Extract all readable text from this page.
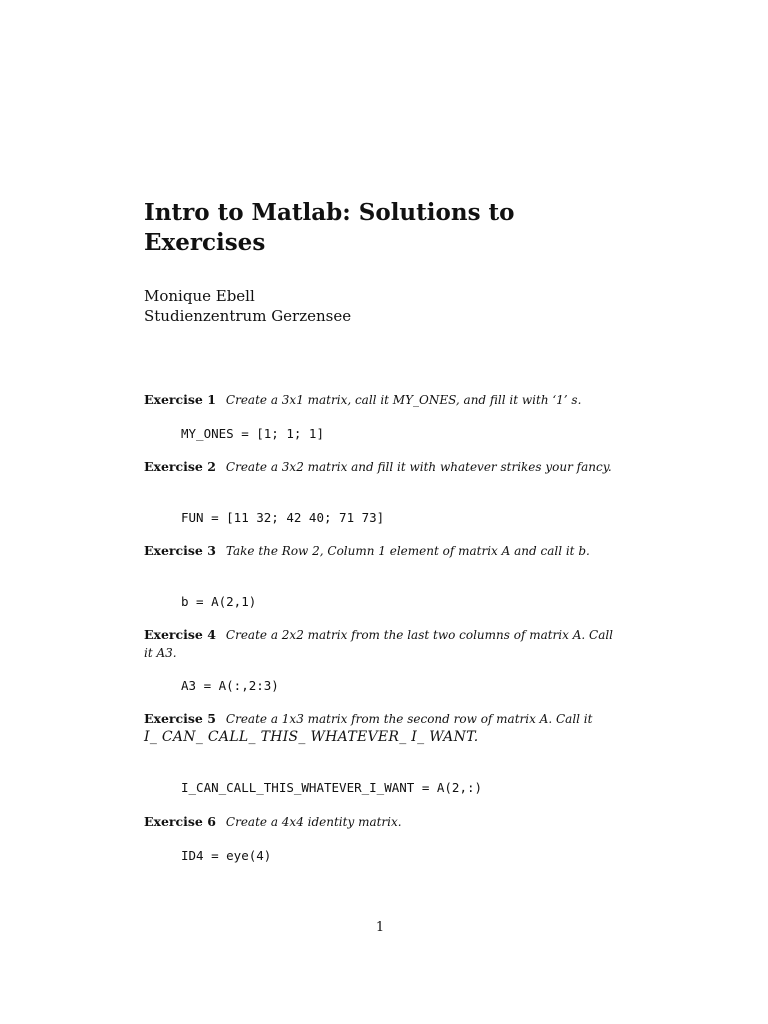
Intro to Matlab: Solutions to Exercises
Monique Ebell
Studienzentrum Gerzensee
Exercise 1 Create a 3x1 matrix, call it MY_ONES, and fill it with ‘1’ s.
MY_ONES = [1; 1; 1]
Exercise 2 Create a 3x2 matrix and fill it with whatever strikes your fancy.
FUN = [11 32; 42 40; 71 73]
Exercise 3 Take the Row 2, Column 1 element of matrix A and call it b.
b = A(2,1)
Exercise 4 Create a 2x2 matrix from the last two columns of matrix A. Call it A3.
A3 = A(:,2:3)
Exercise 5 Create a 1x3 matrix from the second row of matrix A. Call it
I_ CAN_ CALL_ THIS_ WHATEVER_ I_ WANT.
I_CAN_CALL_THIS_WHATEVER_I_WANT = A(2,:)
Exercise 6 Create a 4x4 identity matrix.
ID4 = eye(4)
1
